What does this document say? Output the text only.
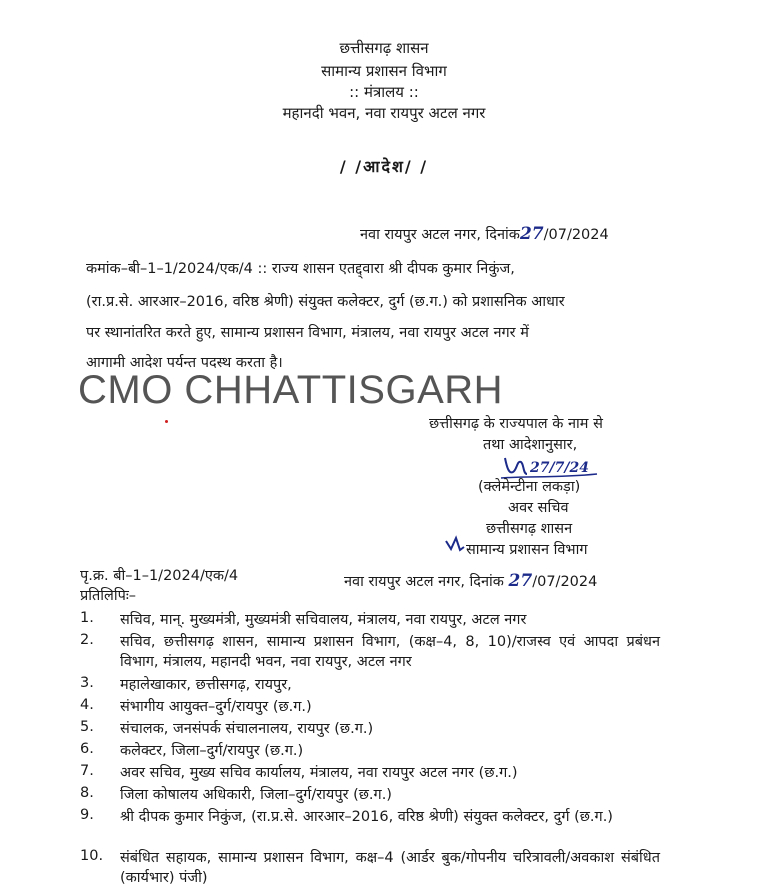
छत्तीसगढ़ शासन
सामान्य प्रशासन विभाग
:: मंत्रालय ::
महानदी भवन, नवा रायपुर अटल नगर
/ /आदेश/ /
नवा रायपुर अटल नगर, दिनांक27/07/2024
कमांक–बी–1–1/2024/एक/4 :: राज्य शासन एतद्द्वारा श्री दीपक कुमार निकुंज,
(रा.प्र.से. आरआर–2016, वरिष्ठ श्रेणी) संयुक्त कलेक्टर, दुर्ग (छ.ग.) को प्रशासनिक आधार
पर स्थानांतरित करते हुए, सामान्य प्रशासन विभाग, मंत्रालय, नवा रायपुर अटल नगर में
आगामी आदेश पर्यन्त पदस्थ करता है।
CMO CHHATTISGARH
छत्तीसगढ़ के राज्यपाल के नाम से
तथा आदेशानुसार,
27/7/24
(क्लेमेन्टीना लकड़ा)
अवर सचिव
छत्तीसगढ़ शासन
सामान्य प्रशासन विभाग
पृ.क्र. बी–1–1/2024/एक/4	नवा रायपुर अटल नगर, दिनांक 27/07/2024
प्रतिलिपिः–
1.	सचिव, मान्. मुख्यमंत्री, मुख्यमंत्री सचिवालय, मंत्रालय, नवा रायपुर, अटल नगर
2.	सचिव, छत्तीसगढ़ शासन, सामान्य प्रशासन विभाग, (कक्ष–4, 8, 10)/राजस्व एवं आपदा प्रबंधन विभाग, मंत्रालय, महानदी भवन, नवा रायपुर, अटल नगर
3.	महालेखाकार, छत्तीसगढ़, रायपुर,
4.	संभागीय आयुक्त–दुर्ग/रायपुर (छ.ग.)
5.	संचालक, जनसंपर्क संचालनालय, रायपुर (छ.ग.)
6.	कलेक्टर, जिला–दुर्ग/रायपुर (छ.ग.)
7.	अवर सचिव, मुख्य सचिव कार्यालय, मंत्रालय, नवा रायपुर अटल नगर (छ.ग.)
8.	जिला कोषालय अधिकारी, जिला–दुर्ग/रायपुर (छ.ग.)
9.	श्री दीपक कुमार निकुंज, (रा.प्र.से. आरआर–2016, वरिष्ठ श्रेणी) संयुक्त कलेक्टर, दुर्ग (छ.ग.)
10.	संबंधित सहायक, सामान्य प्रशासन विभाग, कक्ष–4 (आर्डर बुक/गोपनीय चरित्रावली/अवकाश संबंधित (कार्यभार) पंजी)
